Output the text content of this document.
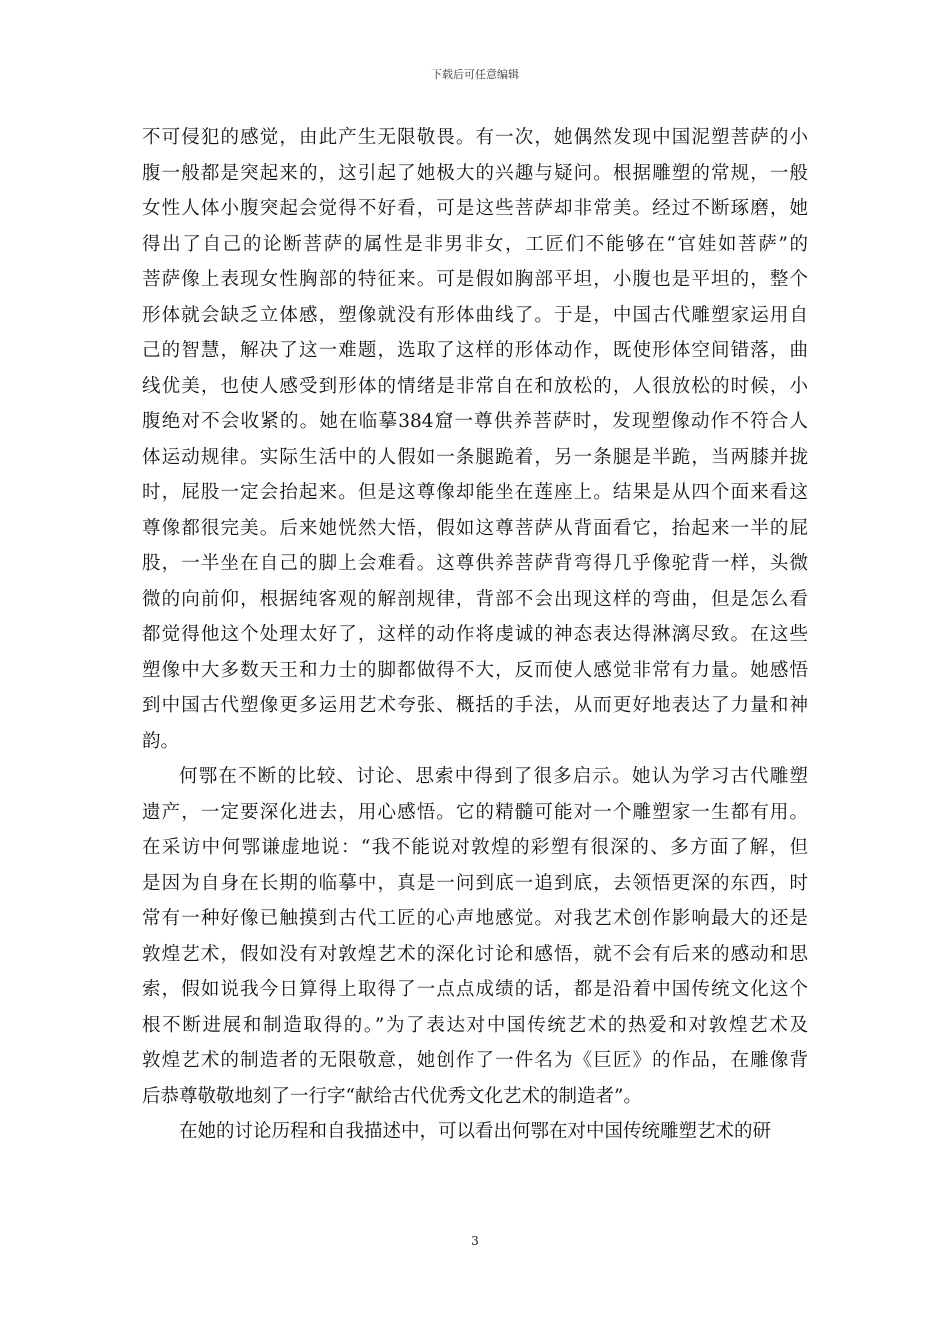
下载后可任意编辑
不可侵犯的感觉，由此产生无限敬畏。有一次，她偶然发现中国泥塑菩萨的小
腹一般都是突起来的，这引起了她极大的兴趣与疑问。根据雕塑的常规，一般
女性人体小腹突起会觉得不好看，可是这些菩萨却非常美。经过不断琢磨，她
得出了自己的论断菩萨的属性是非男非女，工匠们不能够在“官娃如菩萨”的
菩萨像上表现女性胸部的特征来。可是假如胸部平坦，小腹也是平坦的，整个
形体就会缺乏立体感，塑像就没有形体曲线了。于是，中国古代雕塑家运用自
己的智慧，解决了这一难题，选取了这样的形体动作，既使形体空间错落，曲
线优美，也使人感受到形体的情绪是非常自在和放松的，人很放松的时候，小
腹绝对不会收紧的。她在临摹384窟一尊供养菩萨时，发现塑像动作不符合人
体运动规律。实际生活中的人假如一条腿跪着，另一条腿是半跪，当两膝并拢
时，屁股一定会抬起来。但是这尊像却能坐在莲座上。结果是从四个面来看这
尊像都很完美。后来她恍然大悟，假如这尊菩萨从背面看它，抬起来一半的屁
股，一半坐在自己的脚上会难看。这尊供养菩萨背弯得几乎像驼背一样，头微
微的向前仰，根据纯客观的解剖规律，背部不会出现这样的弯曲，但是怎么看
都觉得他这个处理太好了，这样的动作将虔诚的神态表达得淋漓尽致。在这些
塑像中大多数天王和力士的脚都做得不大，反而使人感觉非常有力量。她感悟
到中国古代塑像更多运用艺术夸张、概括的手法，从而更好地表达了力量和神
韵。
何鄂在不断的比较、讨论、思索中得到了很多启示。她认为学习古代雕塑
遗产，一定要深化进去，用心感悟。它的精髓可能对一个雕塑家一生都有用。
在采访中何鄂谦虚地说：“我不能说对敦煌的彩塑有很深的、多方面了解，但
是因为自身在长期的临摹中，真是一问到底一追到底，去领悟更深的东西，时
常有一种好像已触摸到古代工匠的心声地感觉。对我艺术创作影响最大的还是
敦煌艺术，假如没有对敦煌艺术的深化讨论和感悟，就不会有后来的感动和思
索，假如说我今日算得上取得了一点点成绩的话，都是沿着中国传统文化这个
根不断进展和制造取得的。”为了表达对中国传统艺术的热爱和对敦煌艺术及
敦煌艺术的制造者的无限敬意，她创作了一件名为《巨匠》的作品，在雕像背
后恭尊敬敬地刻了一行字“献给古代优秀文化艺术的制造者”。
在她的讨论历程和自我描述中，可以看出何鄂在对中国传统雕塑艺术的研
3
